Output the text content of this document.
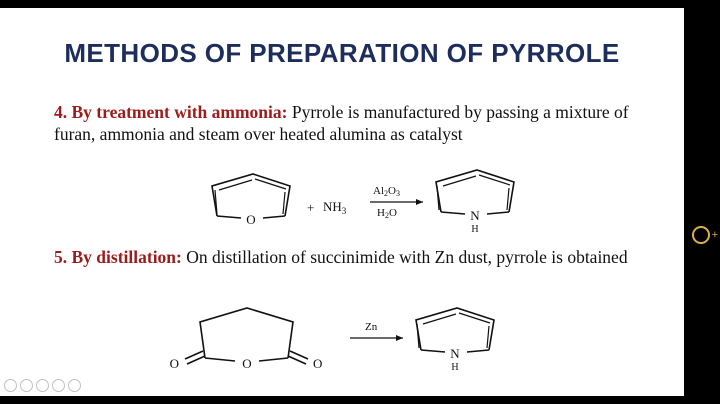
+
METHODS OF PREPARATION OF PYRROLE
4. By treatment with ammonia: Pyrrole is manufactured by passing a mixture of furan, ammonia and steam over heated alumina as catalyst
O
+ $NH_3$
Al2O3
H2O	N
H
5. By distillation: On distillation of succinimide with Zn dust, pyrrole is obtained
O
O	O
Zn
N
H
